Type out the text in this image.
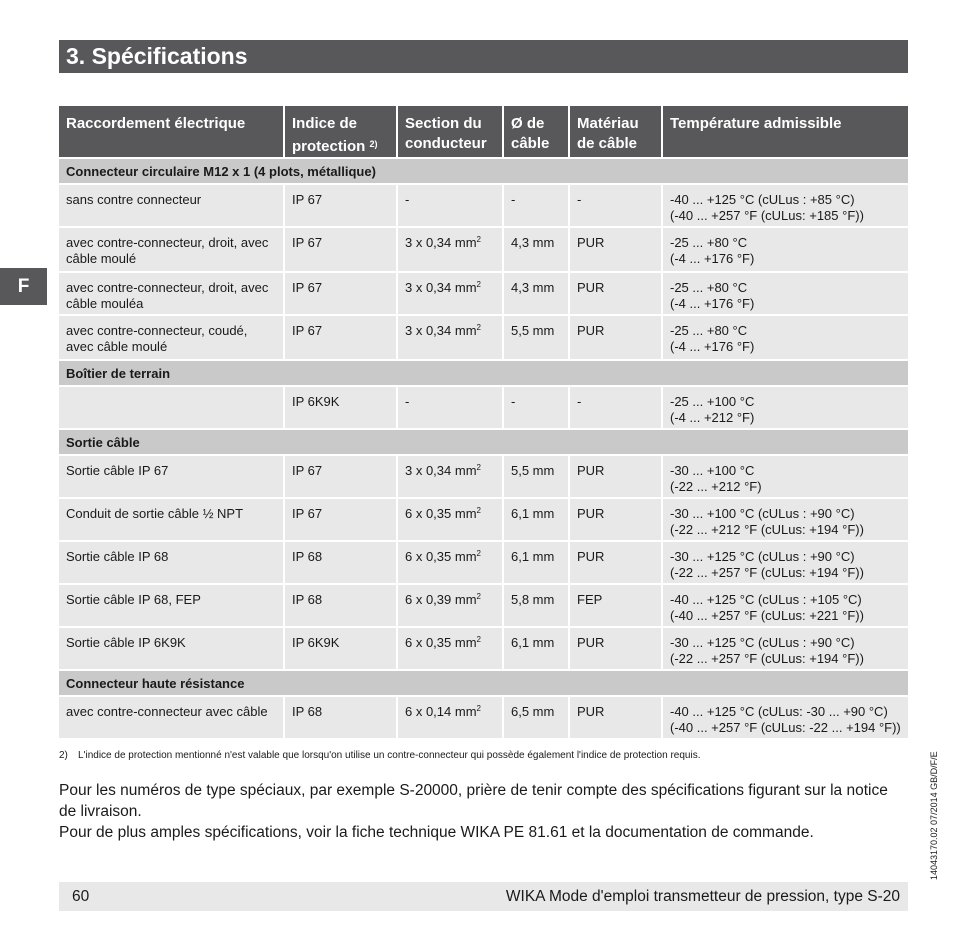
3. Spécifications
F
Raccordement électrique	Indice de protection $^{2)}$	Section du conducteur	Ø de câble	Matériau de câble	Température admissible
Connecteur circulaire M12 x 1 (4 plots, métallique)					
sans contre connecteur	IP 67	-	-	-	-40 ... +125 °C (cULus : +85 °C)
(-40 ... +257 °F (cULus: +185 °F))

avec contre-connecteur, droit, avec câble moulé	IP 67	3 x 0,34 $mm^2$	4,3 mm	PUR	-25 ... +80 °C
(-4 ... +176 °F)

avec contre-connecteur, droit, avec câble mouléa	IP 67	3 x 0,34 $mm^2$	4,3 mm	PUR	-25 ... +80 °C
(-4 ... +176 °F)

avec contre-connecteur, coudé, avec câble moulé	IP 67	3 x 0,34 $mm^2$	5,5 mm	PUR	-25 ... +80 °C
(-4 ... +176 °F)

Boîtier de terrain					
	IP 6K9K	-	-	-	-25 ... +100 °C
(-4 ... +212 °F)

Sortie câble					
Sortie câble IP 67	IP 67	3 x 0,34 $mm^2$	5,5 mm	PUR	-30 ... +100 °C
(-22 ... +212 °F)

Conduit de sortie câble ½ NPT	IP 67	6 x 0,35 $mm^2$	6,1 mm	PUR	-30 ... +100 °C (cULus : +90 °C)
(-22 ... +212 °F (cULus: +194 °F))

Sortie câble IP 68	IP 68	6 x 0,35 $mm^2$	6,1 mm	PUR	-30 ... +125 °C (cULus : +90 °C)
(-22 ... +257 °F (cULus: +194 °F))

Sortie câble IP 68, FEP	IP 68	6 x 0,39 $mm^2$	5,8 mm	FEP	-40 ... +125 °C (cULus : +105 °C)
(-40 ... +257 °F (cULus: +221 °F))

Sortie câble IP 6K9K	IP 6K9K	6 x 0,35 $mm^2$	6,1 mm	PUR	-30 ... +125 °C (cULus : +90 °C)
(-22 ... +257 °F (cULus: +194 °F))

Connecteur haute résistance					
avec contre-connecteur avec câble	IP 68	6 x 0,14 $mm^2$	6,5 mm	PUR	-40 ... +125 °C (cULus: -30 ... +90 °C)
(-40 ... +257 °F (cULus: -22 ... +194 °F))
2) L'indice de protection mentionné n'est valable que lorsqu'on utilise un contre-connecteur qui possède également l'indice de protection requis.
Pour les numéros de type spéciaux, par exemple S-20000, prière de tenir compte des spécifications figurant sur la notice de livraison.
Pour de plus amples spécifications, voir la fiche technique WIKA PE 81.61 et la documentation de commande.
60	WIKA Mode d'emploi transmetteur de pression, type S-20
14043170.02 07/2014 GB/D/F/E
